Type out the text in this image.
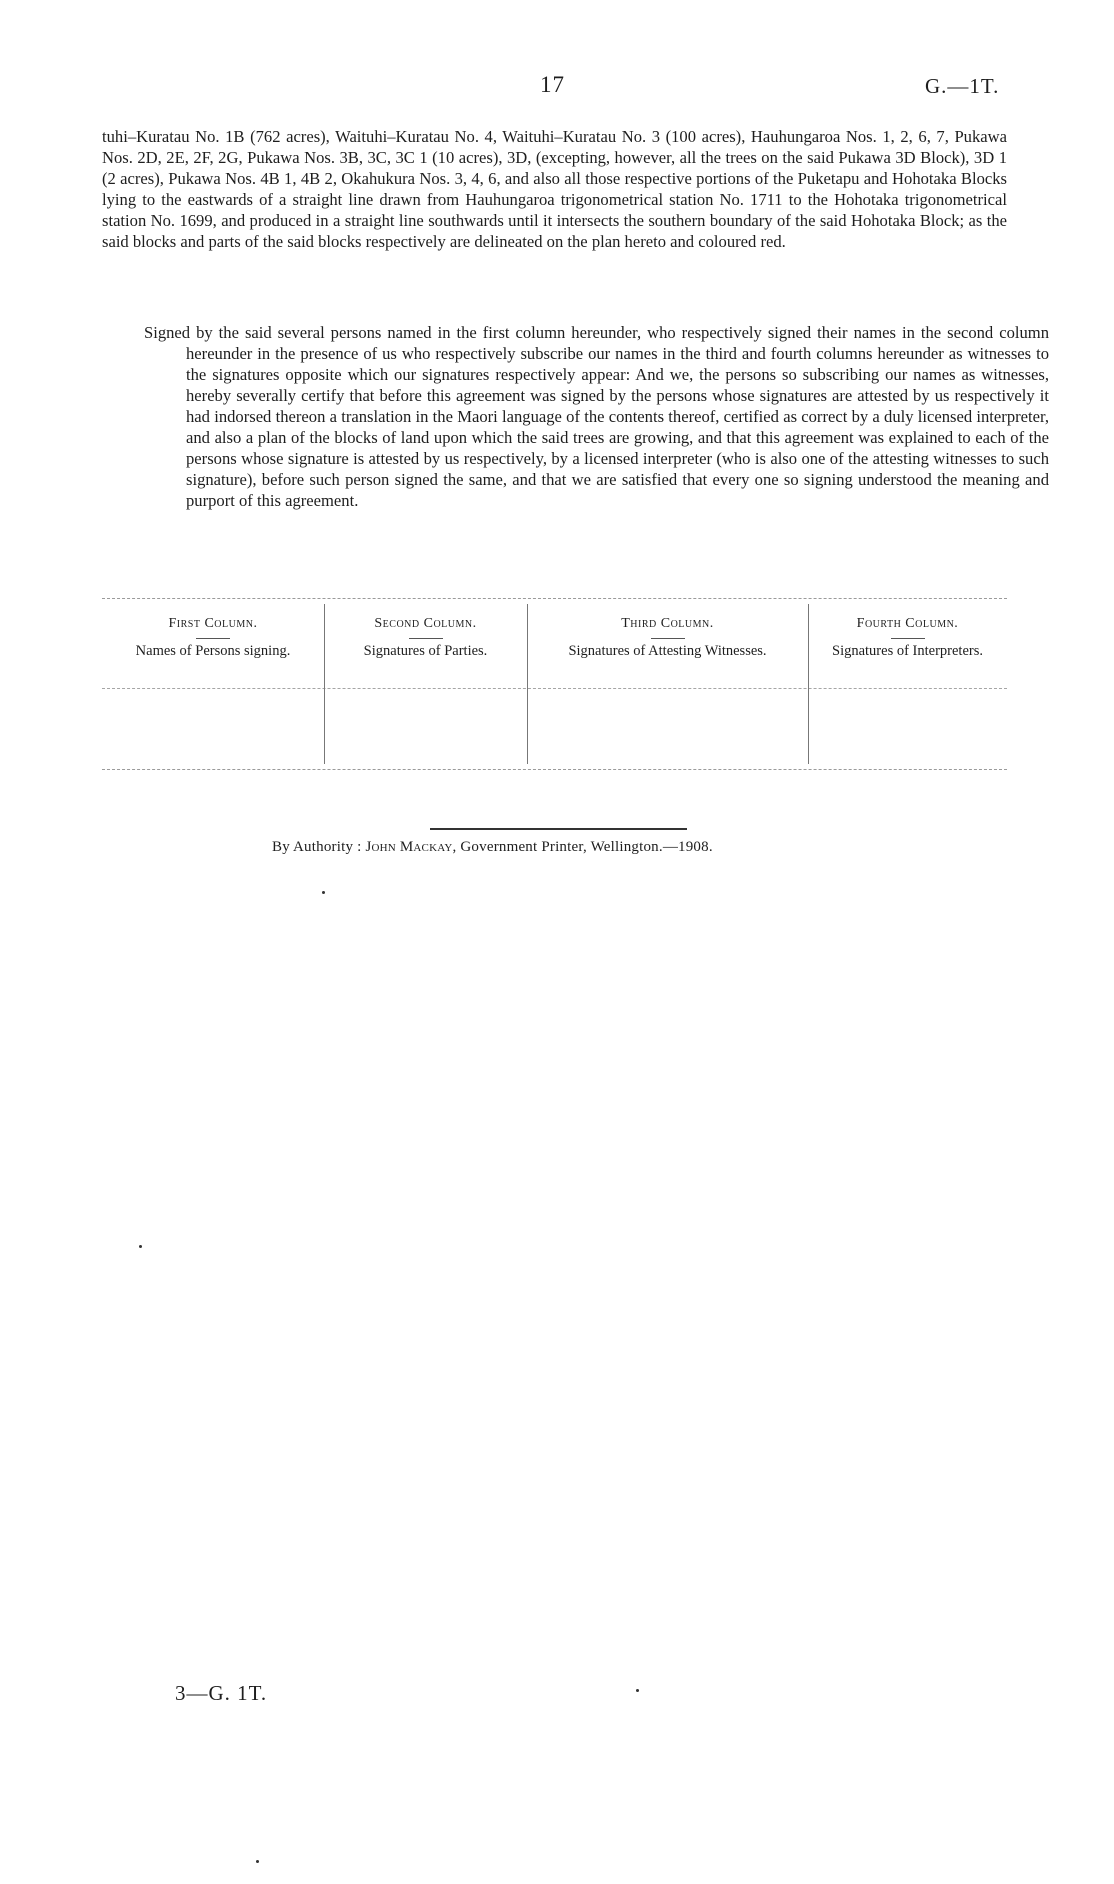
17	G.—1T.

tuhi–Kuratau No. 1B (762 acres), Waituhi–Kuratau No. 4, Waituhi–Kuratau No. 3 (100 acres), Hauhungaroa Nos. 1, 2, 6, 7, Pukawa Nos. 2D, 2E, 2F, 2G, Pukawa Nos. 3B, 3C, 3C 1 (10 acres), 3D, (excepting, however, all the trees on the said Pukawa 3D Block), 3D 1 (2 acres), Pukawa Nos. 4B 1, 4B 2, Okahukura Nos. 3, 4, 6, and also all those respective portions of the Puketapu and Hohotaka Blocks lying to the eastwards of a straight line drawn from Hauhungaroa trigonometrical station No. 1711 to the Hohotaka trigonometrical station No. 1699, and produced in a straight line southwards until it intersects the southern boundary of the said Hohotaka Block; as the said blocks and parts of the said blocks respectively are delineated on the plan hereto and coloured red.

Signed by the said several persons named in the first column hereunder, who respectively signed their names in the second column hereunder in the presence of us who respectively subscribe our names in the third and fourth columns hereunder as witnesses to the signatures opposite which our signatures respectively appear: And we, the persons so subscribing our names as witnesses, hereby severally certify that before this agreement was signed by the persons whose signatures are attested by us respectively it had indorsed thereon a translation in the Maori language of the contents thereof, certified as correct by a duly licensed interpreter, and also a plan of the blocks of land upon which the said trees are growing, and that this agreement was explained to each of the persons whose signature is attested by us respectively, by a licensed interpreter (who is also one of the attesting witnesses to such signature), before such person signed the same, and that we are satisfied that every one so signing understood the meaning and purport of this agreement.

First Column.
Names of Persons signing.
Second Column.
Signatures of Parties.
Third Column.
Signatures of Attesting Witnesses.
Fourth Column.
Signatures of Interpreters.
By Authority : John Mackay, Government Printer, Wellington.—1908.
3—G. 1T.
